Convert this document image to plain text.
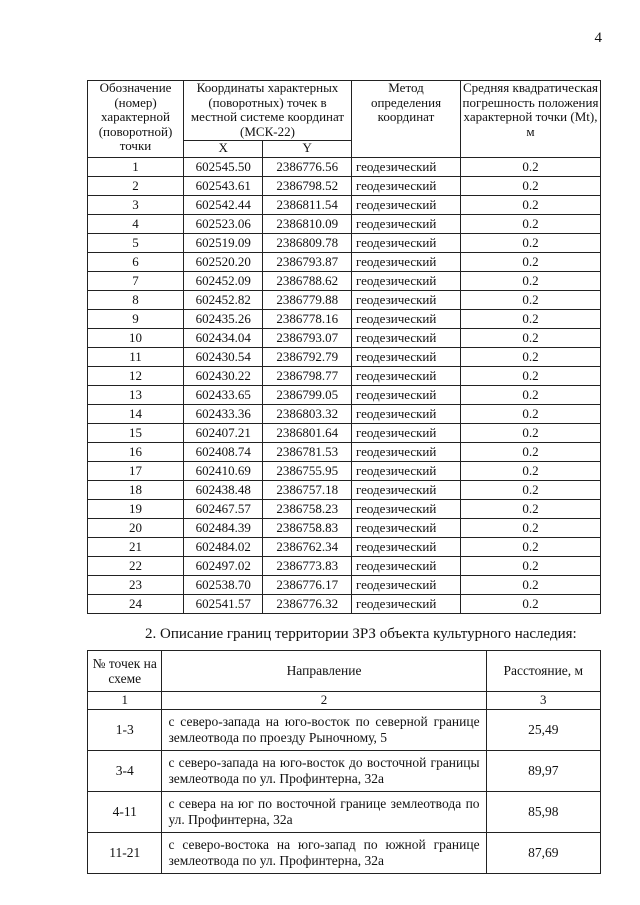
4
Обозначение (номер) характерной (поворотной) точки	Координаты характерных (поворотных) точек в местной системе координат (МСК-22)		Метод определения координат	Средняя квадратическая погрешность положения характерной точки (Mt), м
	X	Y		
1	602545.50	2386776.56	геодезический	0.2
2	602543.61	2386798.52	геодезический	0.2
3	602542.44	2386811.54	геодезический	0.2
4	602523.06	2386810.09	геодезический	0.2
5	602519.09	2386809.78	геодезический	0.2
6	602520.20	2386793.87	геодезический	0.2
7	602452.09	2386788.62	геодезический	0.2
8	602452.82	2386779.88	геодезический	0.2
9	602435.26	2386778.16	геодезический	0.2
10	602434.04	2386793.07	геодезический	0.2
11	602430.54	2386792.79	геодезический	0.2
12	602430.22	2386798.77	геодезический	0.2
13	602433.65	2386799.05	геодезический	0.2
14	602433.36	2386803.32	геодезический	0.2
15	602407.21	2386801.64	геодезический	0.2
16	602408.74	2386781.53	геодезический	0.2
17	602410.69	2386755.95	геодезический	0.2
18	602438.48	2386757.18	геодезический	0.2
19	602467.57	2386758.23	геодезический	0.2
20	602484.39	2386758.83	геодезический	0.2
21	602484.02	2386762.34	геодезический	0.2
22	602497.02	2386773.83	геодезический	0.2
23	602538.70	2386776.17	геодезический	0.2
24	602541.57	2386776.32	геодезический	0.2
2. Описание границ территории ЗРЗ объекта культурного наследия:
№ точек на схеме	Направление	Расстояние, м
1	2	3
1-3	с северо-запада на юго-восток по северной границе землеотвода по проезду Рыночному, 5	25,49
3-4	с северо-запада на юго-восток до восточной границы землеотвода по ул. Профинтерна, 32а	89,97
4-11	с севера на юг по восточной границе землеотвода по ул. Профинтерна, 32а	85,98
11-21	с северо-востока на юго-запад по южной границе землеотвода по ул. Профинтерна, 32а	87,69
